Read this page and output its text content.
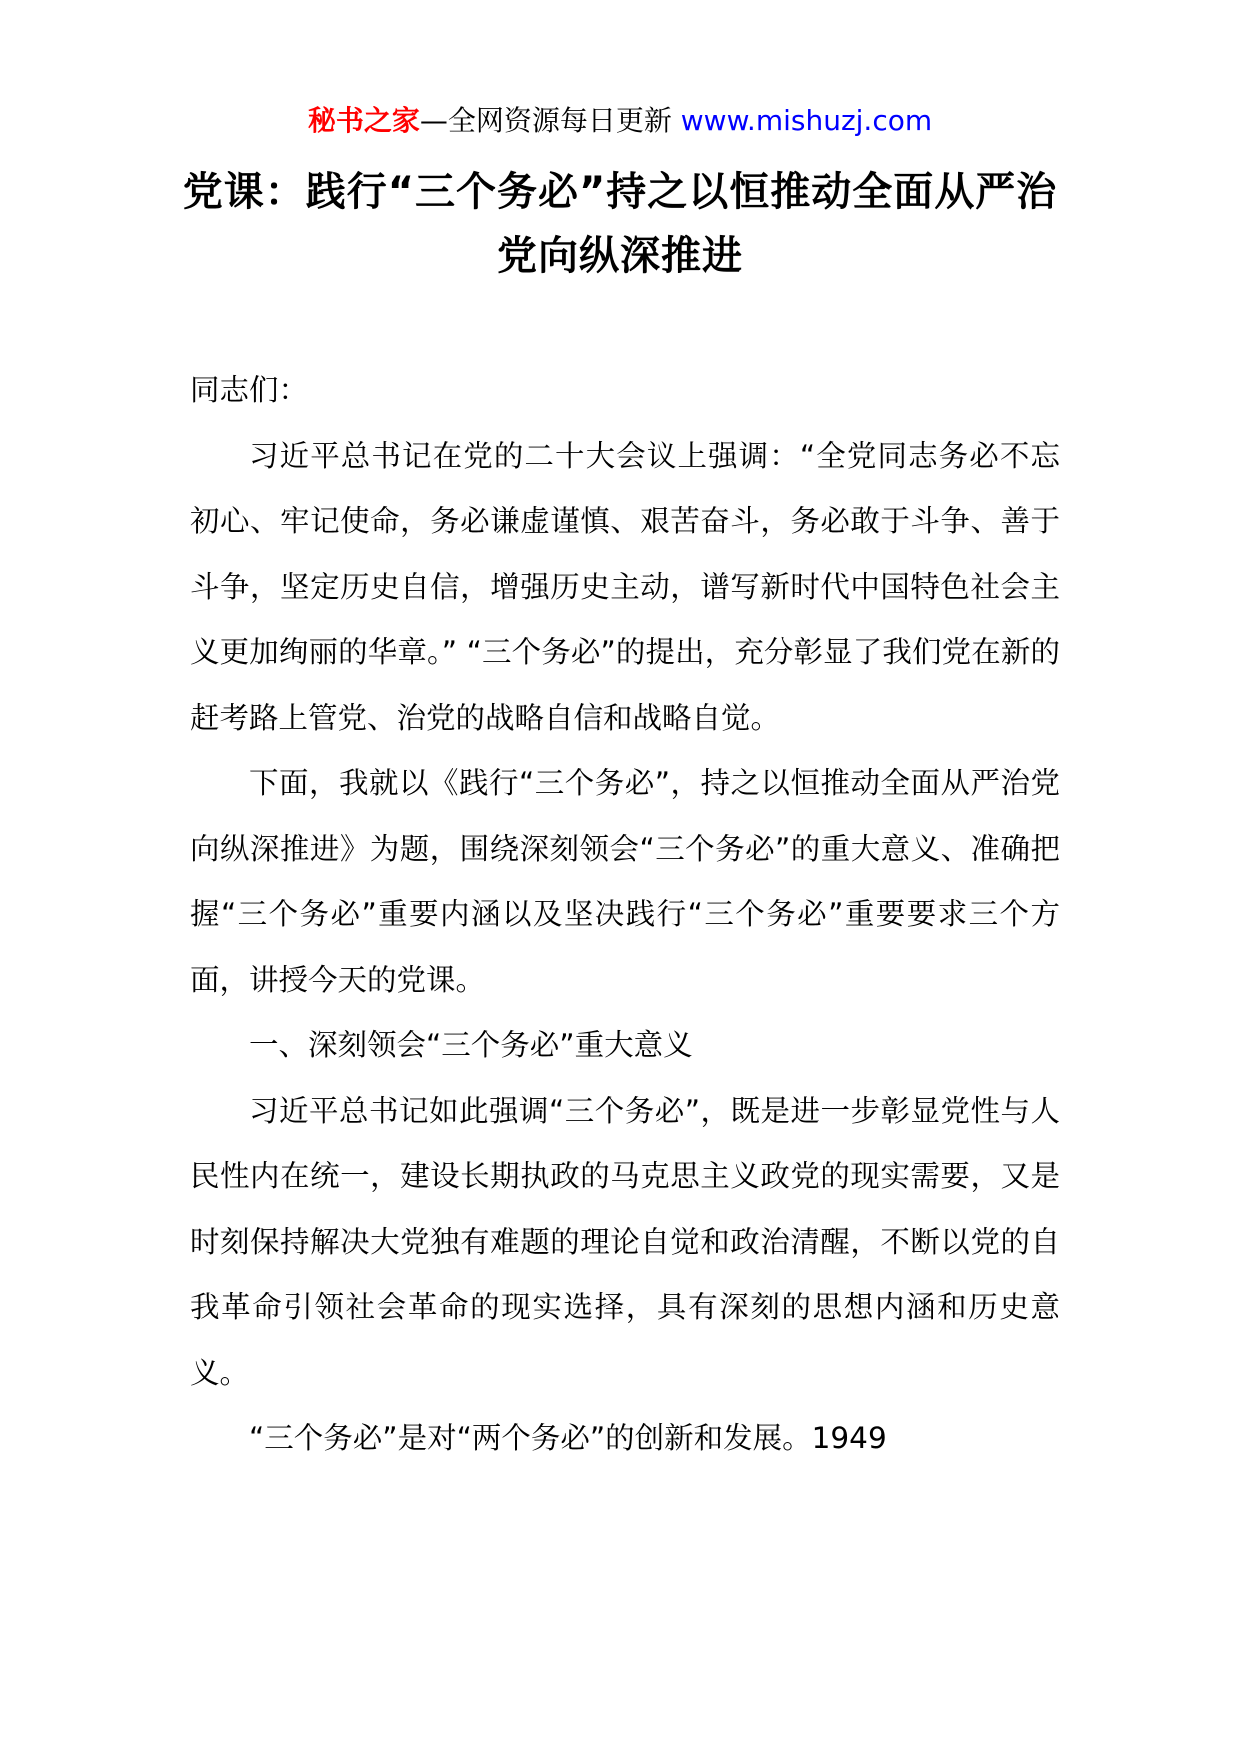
秘书之家—全网资源每日更新 www.mishuzj.com
党课：践行“三个务必”持之以恒推动全面从严治党向纵深推进

同志们：

习近平总书记在党的二十大会议上强调：“全党同志务必不忘初心、牢记使命，务必谦虚谨慎、艰苦奋斗，务必敢于斗争、善于斗争，坚定历史自信，增强历史主动，谱写新时代中国特色社会主义更加绚丽的华章。” “三个务必”的提出，充分彰显了我们党在新的赶考路上管党、治党的战略自信和战略自觉。

下面，我就以《践行“三个务必”，持之以恒推动全面从严治党向纵深推进》为题，围绕深刻领会“三个务必”的重大意义、准确把握“三个务必”重要内涵以及坚决践行“三个务必”重要要求三个方面，讲授今天的党课。

一、深刻领会“三个务必”重大意义

习近平总书记如此强调“三个务必”，既是进一步彰显党性与人民性内在统一，建设长期执政的马克思主义政党的现实需要，又是时刻保持解决大党独有难题的理论自觉和政治清醒，不断以党的自我革命引领社会革命的现实选择，具有深刻的思想内涵和历史意义。

“三个务必”是对“两个务必”的创新和发展。1949
